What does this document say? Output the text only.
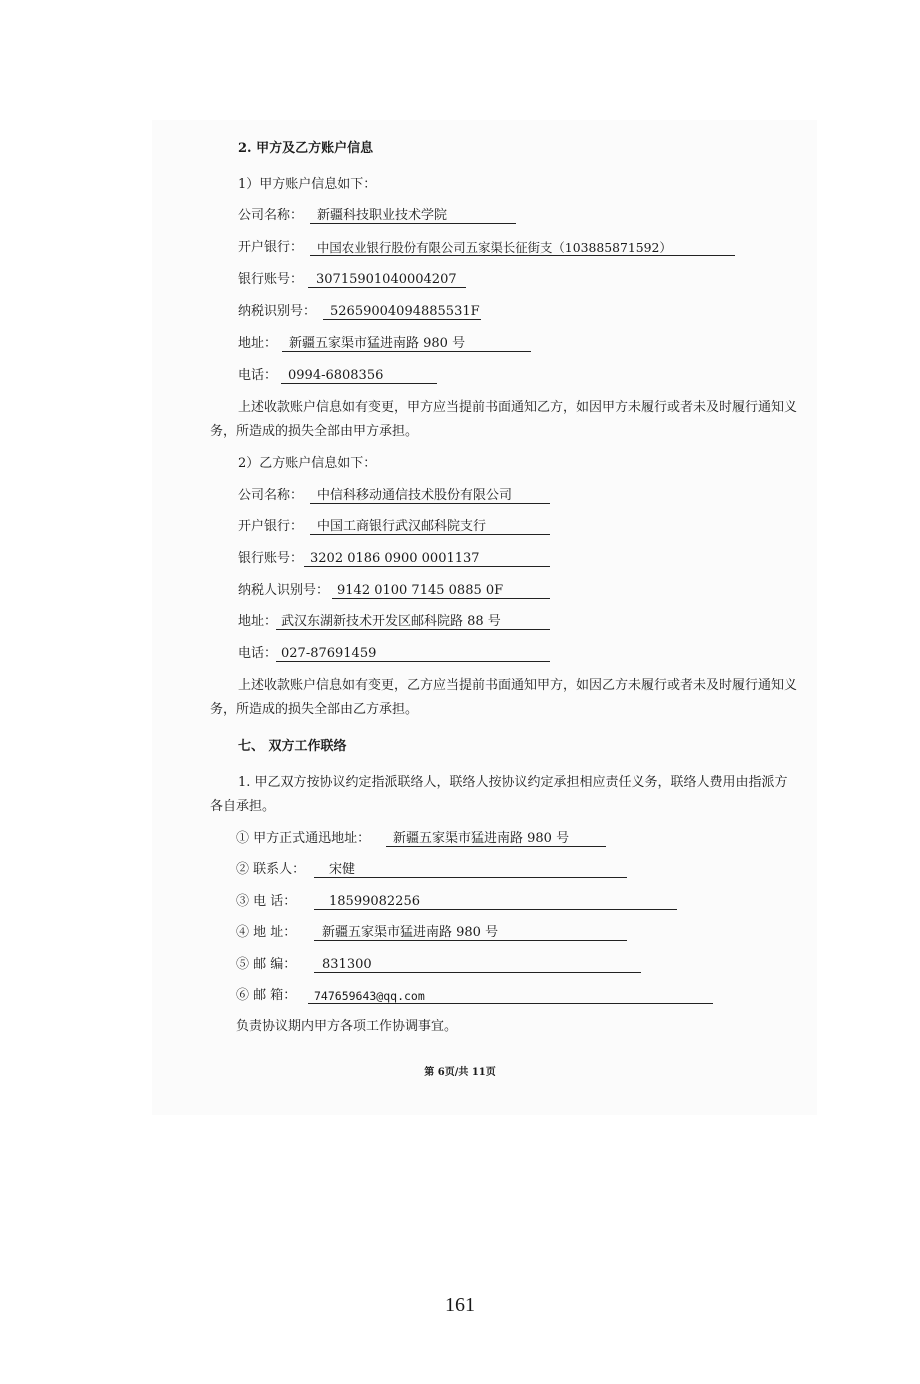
2. 甲方及乙方账户信息
1）甲方账户信息如下：
公司名称： 新疆科技职业技术学院
开户银行： 中国农业银行股份有限公司五家渠长征街支（103885871592）
银行账号： 30715901040004207
纳税识别号： 52659004094885531F
地址： 新疆五家渠市猛进南路 980 号
电话： 0994-6808356
上述收款账户信息如有变更，甲方应当提前书面通知乙方，如因甲方未履行或者未及时履行通知义务，所造成的损失全部由甲方承担。
2）乙方账户信息如下：
公司名称： 中信科移动通信技术股份有限公司
开户银行： 中国工商银行武汉邮科院支行
银行账号： 3202 0186 0900 0001137
纳税人识别号： 9142 0100 7145 0885 0F
地址： 武汉东湖新技术开发区邮科院路 88 号
电话： 027-87691459
上述收款账户信息如有变更，乙方应当提前书面通知甲方，如因乙方未履行或者未及时履行通知义务，所造成的损失全部由乙方承担。
七、 双方工作联络
1. 甲乙双方按协议约定指派联络人，联络人按协议约定承担相应责任义务，联络人费用由指派方各自承担。
① 甲方正式通迅地址： 新疆五家渠市猛进南路 980 号
② 联系人： 宋健
③ 电 话：	18599082256
④ 地 址： 新疆五家渠市猛进南路 980 号
⑤ 邮 编： 831300
⑥ 邮 箱： 747659643@qq.com
负责协议期内甲方各项工作协调事宜。
第 6页/共 11页
161
